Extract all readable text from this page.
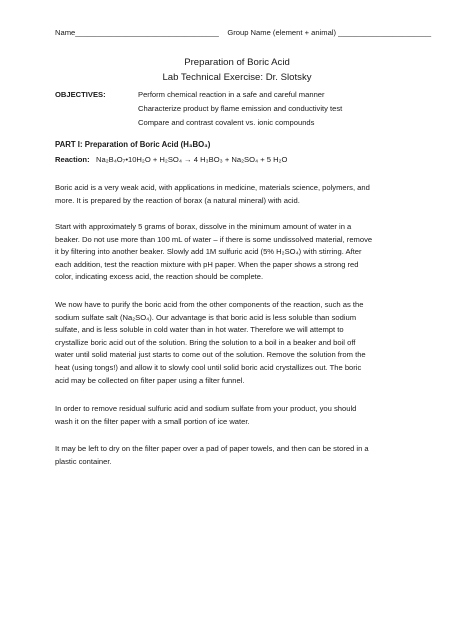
Name__________________________________ Group Name (element + animal) ______________________
Preparation of Boric Acid
Lab Technical Exercise: Dr. Slotsky
OBJECTIVES:	Perform chemical reaction in a safe and careful manner
Characterize product by flame emission and conductivity test
Compare and contrast covalent vs. ionic compounds
PART I: Preparation of Boric Acid (H₃BO₃)
Reaction: Na₂B₄O₇•10H₂O + H₂SO₄ → 4 H₃BO₃ + Na₂SO₄ + 5 H₂O
Boric acid is a very weak acid, with applications in medicine, materials science, polymers, and
more. It is prepared by the reaction of borax (a natural mineral) with acid.
Start with approximately 5 grams of borax, dissolve in the minimum amount of water in a
beaker. Do not use more than 100 mL of water – if there is some undissolved material, remove
it by filtering into another beaker. Slowly add 1M sulfuric acid (5% H₂SO₄) with stirring. After
each addition, test the reaction mixture with pH paper. When the paper shows a strong red
color, indicating excess acid, the reaction should be complete.
We now have to purify the boric acid from the other components of the reaction, such as the
sodium sulfate salt (Na₂SO₄). Our advantage is that boric acid is less soluble than sodium
sulfate, and is less soluble in cold water than in hot water. Therefore we will attempt to
crystallize boric acid out of the solution. Bring the solution to a boil in a beaker and boil off
water until solid material just starts to come out of the solution. Remove the solution from the
heat (using tongs!) and allow it to slowly cool until solid boric acid crystallizes out. The boric
acid may be collected on filter paper using a filter funnel.
In order to remove residual sulfuric acid and sodium sulfate from your product, you should
wash it on the filter paper with a small portion of ice water.
It may be left to dry on the filter paper over a pad of paper towels, and then can be stored in a
plastic container.
